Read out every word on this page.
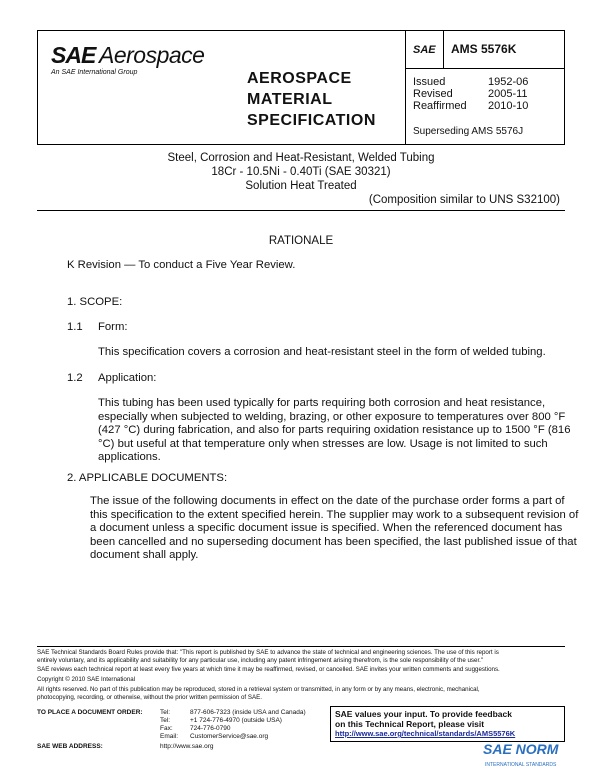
SAE Aerospace
An SAE International Group	AEROSPACE
MATERIAL
SPECIFICATION
SAE AMS 5576K
Issued	1952-06
Revised	2005-11
Reaffirmed 2010-10
Superseding AMS 5576J
Steel, Corrosion and Heat-Resistant, Welded Tubing
18Cr - 10.5Ni - 0.40Ti (SAE 30321)
Solution Heat Treated
(Composition similar to UNS S32100)
RATIONALE
K Revision — To conduct a Five Year Review.
1. SCOPE:
1.1 Form:
This specification covers a corrosion and heat-resistant steel in the form of welded tubing.
1.2 Application:
This tubing has been used typically for parts requiring both corrosion and heat resistance,
especially when subjected to welding, brazing, or other exposure to temperatures over 800 °F
(427 °C) during fabrication, and also for parts requiring oxidation resistance up to 1500 °F (816
°C) but useful at that temperature only when stresses are low. Usage is not limited to such
applications.
2. APPLICABLE DOCUMENTS:
The issue of the following documents in effect on the date of the purchase order forms a part of
this specification to the extent specified herein. The supplier may work to a subsequent revision of
a document unless a specific document issue is specified. When the referenced document has
been cancelled and no superseding document has been specified, the last published issue of that
document shall apply.
SAE Technical Standards Board Rules provide that: "This report is published by SAE to advance the state of technical and engineering sciences. The use of this report is
entirely voluntary, and its applicability and suitability for any particular use, including any patent infringement arising therefrom, is the sole responsibility of the user."
SAE reviews each technical report at least every five years at which time it may be reaffirmed, revised, or cancelled. SAE invites your written comments and suggestions.
Copyright © 2010 SAE International
All rights reserved. No part of this publication may be reproduced, stored in a retrieval system or transmitted, in any form or by any means, electronic, mechanical,
photocopying, recording, or otherwise, without the prior written permission of SAE.
TO PLACE A DOCUMENT ORDER:	Tel:	877-606-7323 (inside USA and Canada)
Tel:	+1 724-776-4970 (outside USA)
Fax:	724-776-0790
Email: CustomerService@sae.org
SAE WEB ADDRESS:	http://www.sae.org
SAE values your input. To provide feedback
on this Technical Report, please visit
http://www.sae.org/technical/standards/AMS5576K
SAE NORM
INTERNATIONAL STANDARDS
